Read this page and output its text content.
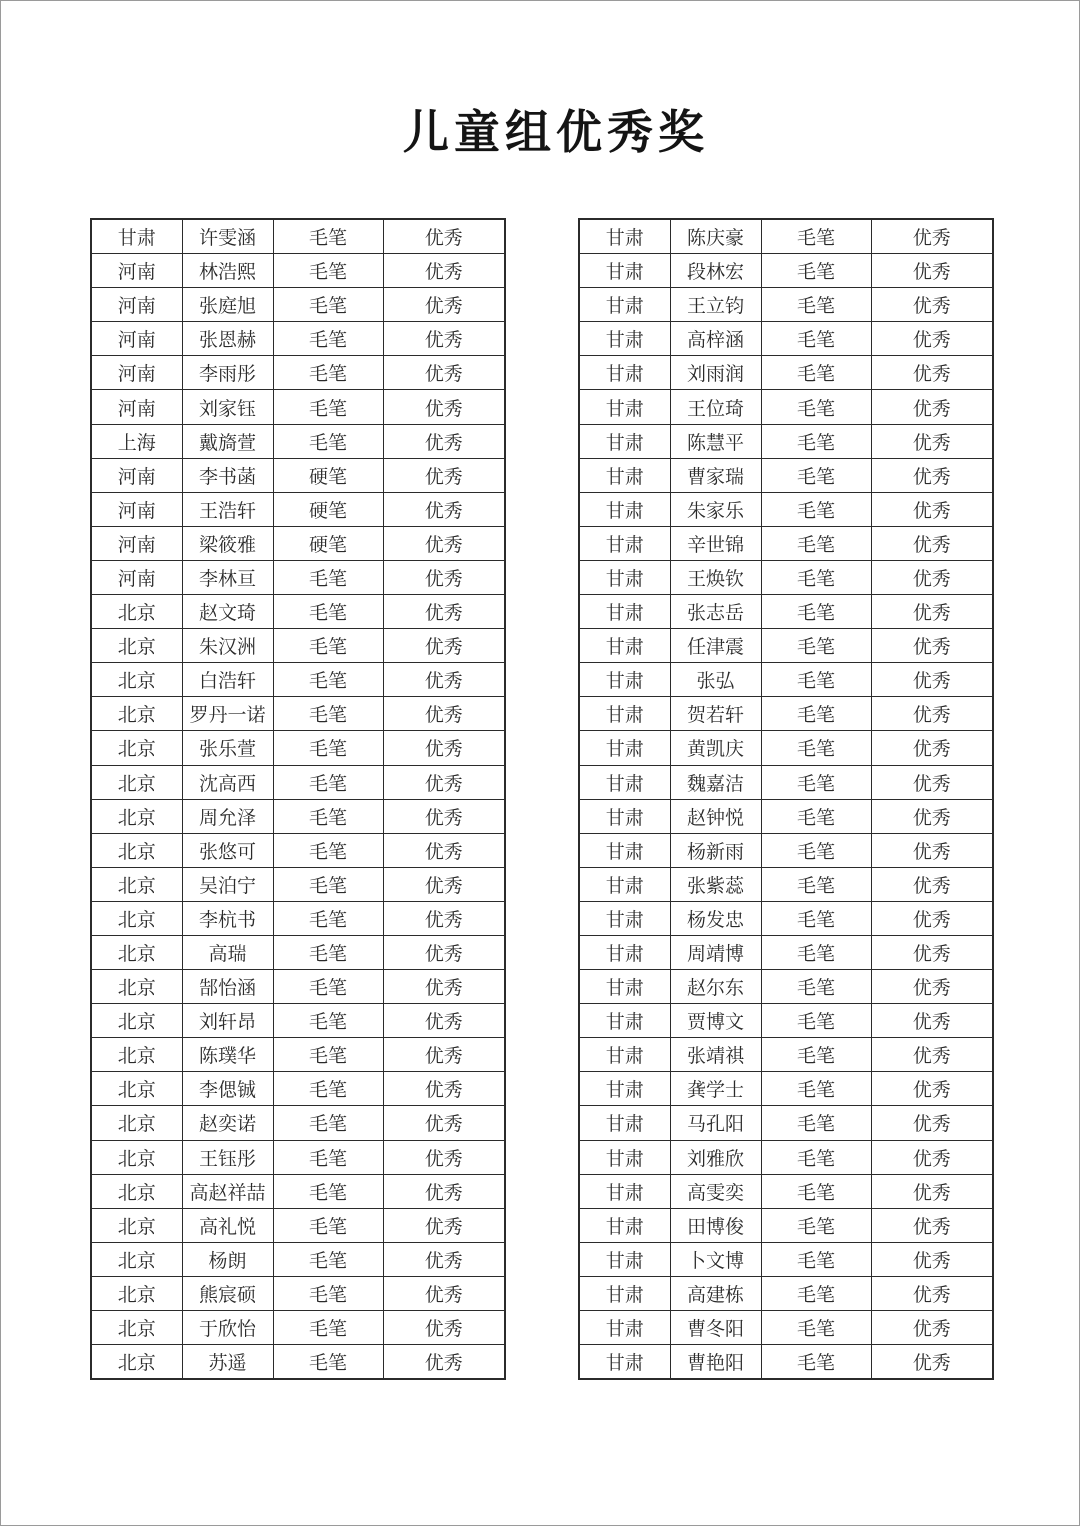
儿童组优秀奖
甘肃	许雯涵	毛笔	优秀
河南	林浩熙	毛笔	优秀
河南	张庭旭	毛笔	优秀
河南	张恩赫	毛笔	优秀
河南	李雨彤	毛笔	优秀
河南	刘家钰	毛笔	优秀
上海	戴旖萱	毛笔	优秀
河南	李书菡	硬笔	优秀
河南	王浩轩	硬笔	优秀
河南	梁筱雅	硬笔	优秀
河南	李林亘	毛笔	优秀
北京	赵文琦	毛笔	优秀
北京	朱汉洲	毛笔	优秀
北京	白浩轩	毛笔	优秀
北京	罗丹一诺	毛笔	优秀
北京	张乐萱	毛笔	优秀
北京	沈高西	毛笔	优秀
北京	周允泽	毛笔	优秀
北京	张悠可	毛笔	优秀
北京	吴泊宁	毛笔	优秀
北京	李杭书	毛笔	优秀
北京	高瑞	毛笔	优秀
北京	郜怡涵	毛笔	优秀
北京	刘轩昂	毛笔	优秀
北京	陈璞华	毛笔	优秀
北京	李偲铖	毛笔	优秀
北京	赵奕诺	毛笔	优秀
北京	王钰彤	毛笔	优秀
北京	高赵祥喆	毛笔	优秀
北京	高礼悦	毛笔	优秀
北京	杨朗	毛笔	优秀
北京	熊宸硕	毛笔	优秀
北京	于欣怡	毛笔	优秀
北京	苏遥	毛笔	优秀
甘肃	陈庆豪	毛笔	优秀
甘肃	段林宏	毛笔	优秀
甘肃	王立钧	毛笔	优秀
甘肃	高梓涵	毛笔	优秀
甘肃	刘雨润	毛笔	优秀
甘肃	王位琦	毛笔	优秀
甘肃	陈慧平	毛笔	优秀
甘肃	曹家瑞	毛笔	优秀
甘肃	朱家乐	毛笔	优秀
甘肃	辛世锦	毛笔	优秀
甘肃	王焕钦	毛笔	优秀
甘肃	张志岳	毛笔	优秀
甘肃	任津震	毛笔	优秀
甘肃	张弘	毛笔	优秀
甘肃	贺若轩	毛笔	优秀
甘肃	黄凯庆	毛笔	优秀
甘肃	魏嘉洁	毛笔	优秀
甘肃	赵钟悦	毛笔	优秀
甘肃	杨新雨	毛笔	优秀
甘肃	张紫蕊	毛笔	优秀
甘肃	杨发忠	毛笔	优秀
甘肃	周靖博	毛笔	优秀
甘肃	赵尔东	毛笔	优秀
甘肃	贾博文	毛笔	优秀
甘肃	张靖祺	毛笔	优秀
甘肃	龚学士	毛笔	优秀
甘肃	马孔阳	毛笔	优秀
甘肃	刘雅欣	毛笔	优秀
甘肃	高雯奕	毛笔	优秀
甘肃	田博俊	毛笔	优秀
甘肃	卜文博	毛笔	优秀
甘肃	高建栋	毛笔	优秀
甘肃	曹冬阳	毛笔	优秀
甘肃	曹艳阳	毛笔	优秀
